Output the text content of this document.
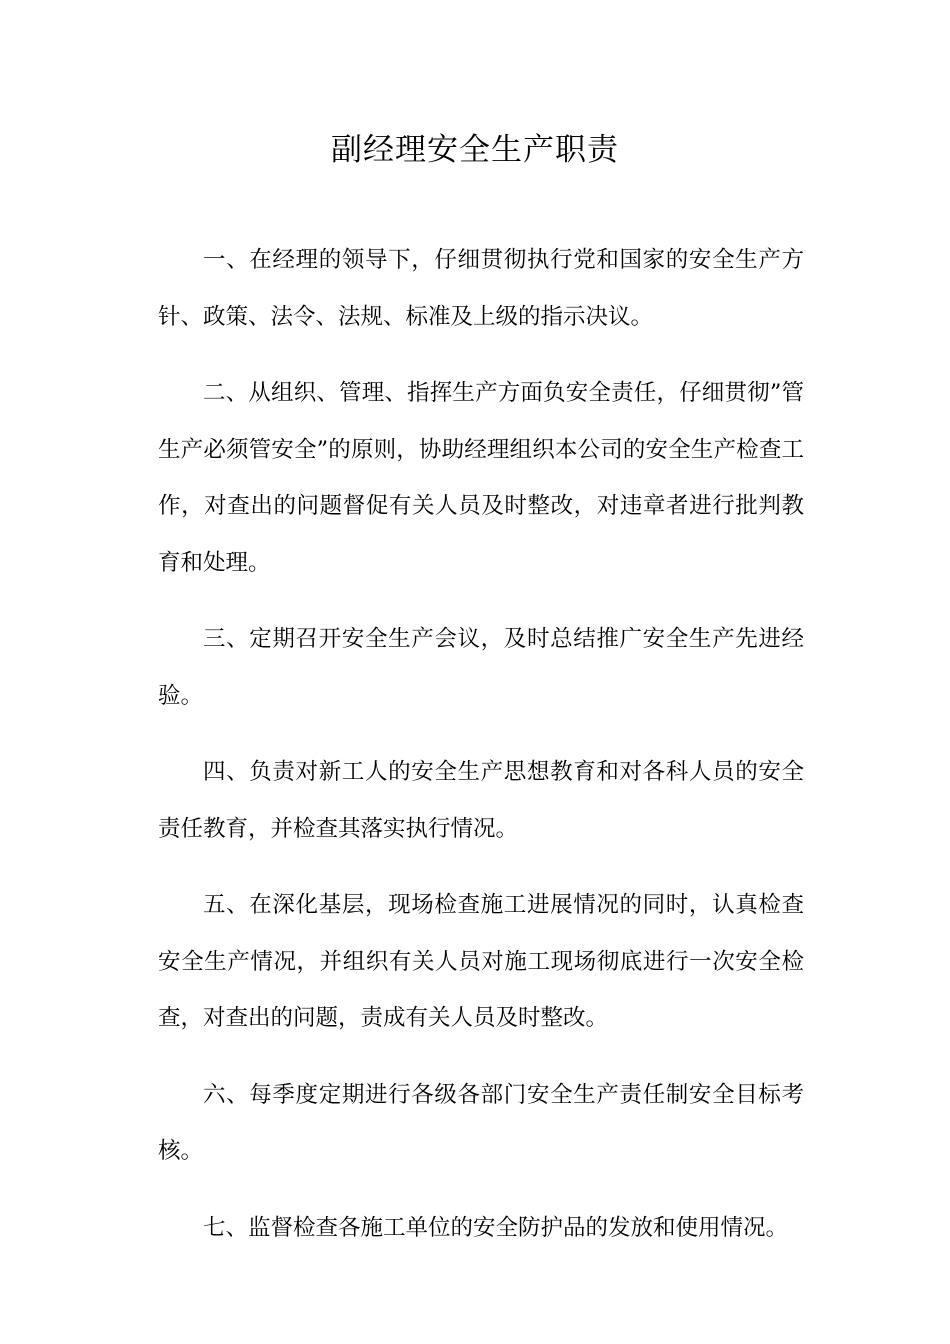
副经理安全生产职责

一、在经理的领导下，仔细贯彻执行党和国家的安全生产方针、政策、法令、法规、标准及上级的指示决议。

二、从组织、管理、指挥生产方面负安全责任，仔细贯彻”管生产必须管安全”的原则，协助经理组织本公司的安全生产检查工作，对查出的问题督促有关人员及时整改，对违章者进行批判教育和处理。

三、定期召开安全生产会议，及时总结推广安全生产先进经验。

四、负责对新工人的安全生产思想教育和对各科人员的安全责任教育，并检查其落实执行情况。

五、在深化基层，现场检查施工进展情况的同时，认真检查安全生产情况，并组织有关人员对施工现场彻底进行一次安全检查，对查出的问题，责成有关人员及时整改。

六、每季度定期进行各级各部门安全生产责任制安全目标考核。

七、监督检查各施工单位的安全防护品的发放和使用情况。
